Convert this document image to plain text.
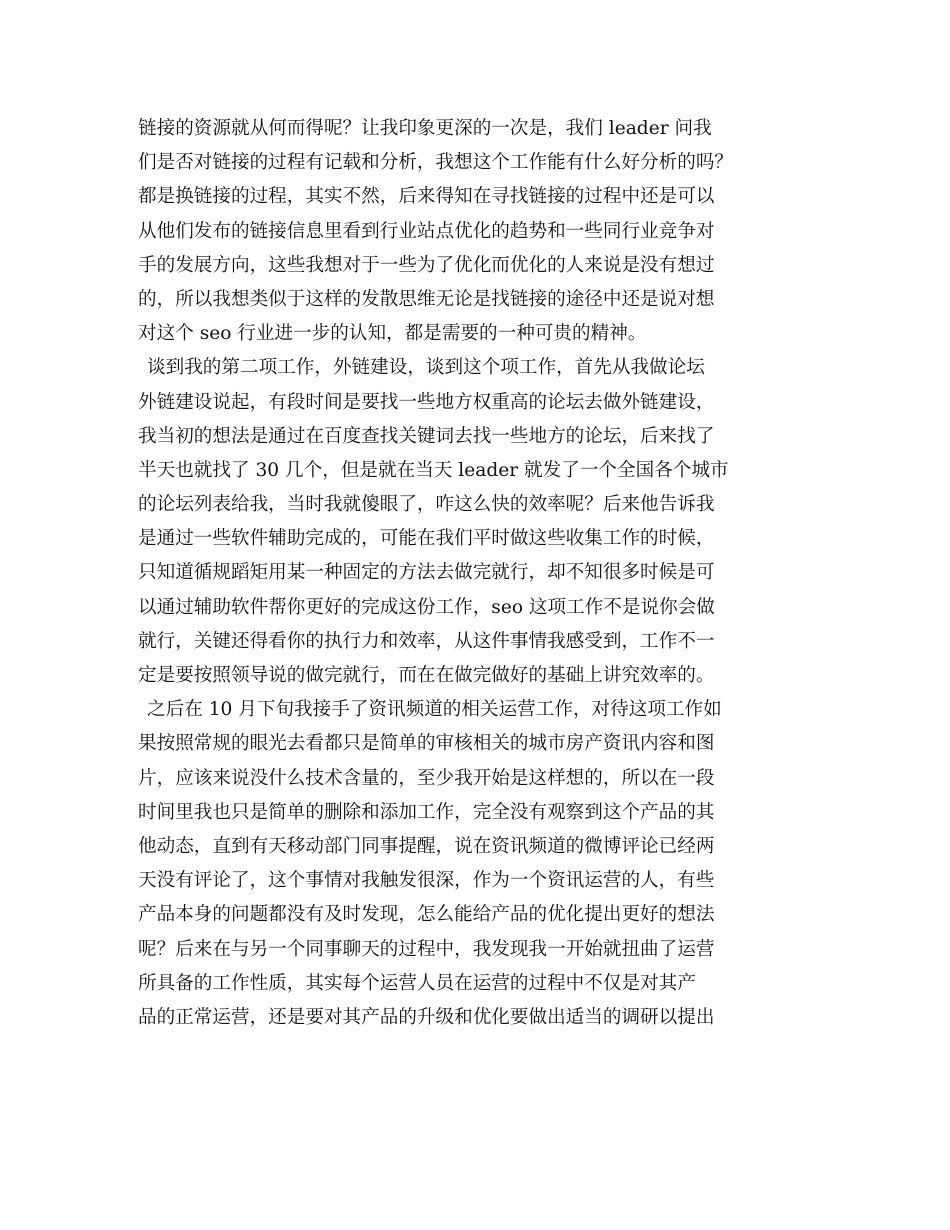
链接的资源就从何而得呢？让我印象更深的一次是，我们 leader 问我
们是否对链接的过程有记载和分析，我想这个工作能有什么好分析的吗？
都是换链接的过程，其实不然，后来得知在寻找链接的过程中还是可以
从他们发布的链接信息里看到行业站点优化的趋势和一些同行业竞争对
手的发展方向，这些我想对于一些为了优化而优化的人来说是没有想过
的，所以我想类似于这样的发散思维无论是找链接的途径中还是说对想
对这个 seo 行业进一步的认知，都是需要的一种可贵的精神。
谈到我的第二项工作，外链建设，谈到这个项工作，首先从我做论坛
外链建设说起，有段时间是要找一些地方权重高的论坛去做外链建设，
我当初的想法是通过在百度查找关键词去找一些地方的论坛，后来找了
半天也就找了 30 几个，但是就在当天 leader 就发了一个全国各个城市
的论坛列表给我，当时我就傻眼了，咋这么快的效率呢？后来他告诉我
是通过一些软件辅助完成的，可能在我们平时做这些收集工作的时候，
只知道循规蹈矩用某一种固定的方法去做完就行，却不知很多时候是可
以通过辅助软件帮你更好的完成这份工作，seo 这项工作不是说你会做
就行，关键还得看你的执行力和效率，从这件事情我感受到，工作不一
定是要按照领导说的做完就行，而在在做完做好的基础上讲究效率的。
之后在 10 月下旬我接手了资讯频道的相关运营工作，对待这项工作如
果按照常规的眼光去看都只是简单的审核相关的城市房产资讯内容和图
片，应该来说没什么技术含量的，至少我开始是这样想的，所以在一段
时间里我也只是简单的删除和添加工作，完全没有观察到这个产品的其
他动态，直到有天移动部门同事提醒，说在资讯频道的微博评论已经两
天没有评论了，这个事情对我触发很深，作为一个资讯运营的人，有些
产品本身的问题都没有及时发现，怎么能给产品的优化提出更好的想法
呢？后来在与另一个同事聊天的过程中，我发现我一开始就扭曲了运营
所具备的工作性质，其实每个运营人员在运营的过程中不仅是对其产
品的正常运营，还是要对其产品的升级和优化要做出适当的调研以提出
